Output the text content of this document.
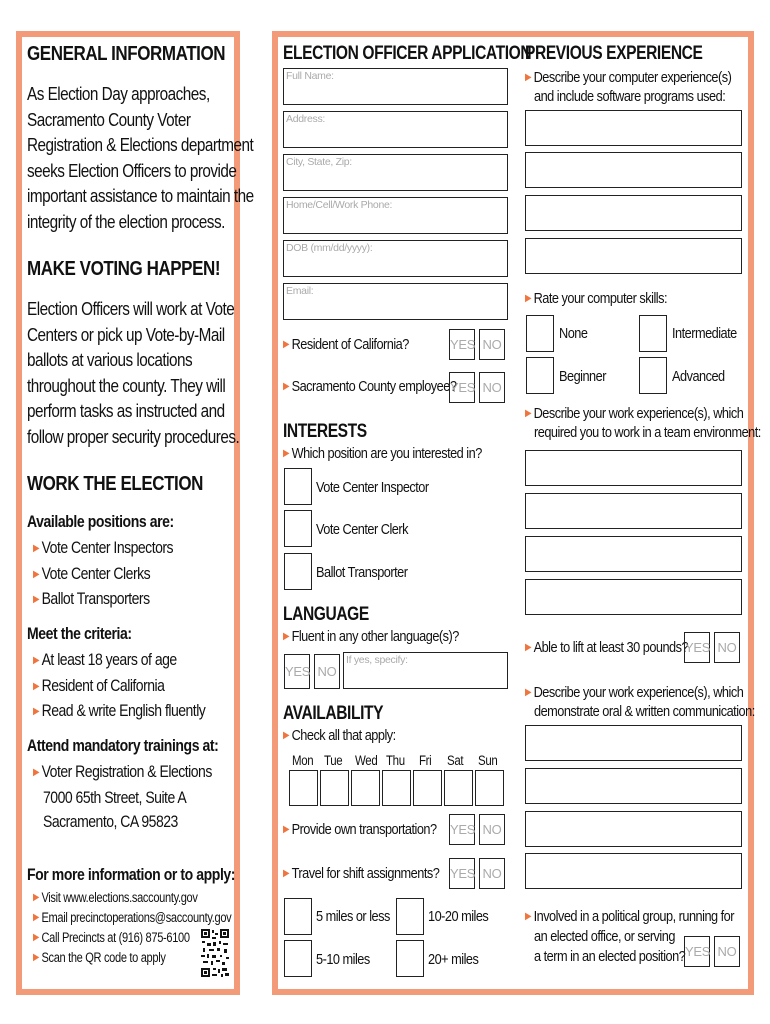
GENERAL INFORMATION
As Election Day approaches,
Sacramento County Voter
Registration & Elections department
seeks Election Officers to provide
important assistance to maintain the
integrity of the election process.
MAKE VOTING HAPPEN!
Election Officers will work at Vote
Centers or pick up Vote-by-Mail
ballots at various locations
throughout the county. They will
perform tasks as instructed and
follow proper security procedures.
WORK THE ELECTION
Available positions are:
▶ Vote Center Inspectors
▶ Vote Center Clerks
▶ Ballot Transporters
Meet the criteria:
▶ At least 18 years of age
▶ Resident of California
▶ Read & write English fluently
Attend mandatory trainings at:
▶ Voter Registration & Elections
7000 65th Street, Suite A
Sacramento, CA 95823
For more information or to apply:
▶ Visit www.elections.saccounty.gov
▶ Email precinctoperations@saccounty.gov
▶ Call Precincts at (916) 875-6100
▶ Scan the QR code to apply
ELECTION OFFICER APPLICATION
Full Name:
Address:
City, State, Zip:
Home/Cell/Work Phone:
DOB (mm/dd/yyyy):
Email:
▶ Resident of California?	YES NO
▶ Sacramento County employee?
YES NO
INTERESTS
▶ Which position are you interested in?
Vote Center Inspector
Vote Center Clerk
Ballot Transporter
LANGUAGE
▶ Fluent in any other language(s)?
YES NO
If yes, specify:
AVAILABILITY
▶ Check all that apply:
Mon Tue Wed Thu Fri Sat Sun
▶ Provide own transportation?	YES NO
▶ Travel for shift assignments? YES NO
5 miles or less	10-20 miles
5-10 miles	20+ miles
PREVIOUS EXPERIENCE
▶ Describe your computer experience(s)
and include software programs used:
▶ Rate your computer skills:
None	Intermediate
Beginner	Advanced
▶ Describe your work experience(s), which
required you to work in a team environment:
▶ Able to lift at least 30 pounds?
YES NO
▶ Describe your work experience(s), which
demonstrate oral & written communication:
▶ Involved in a political group, running for
an elected office, or serving
a term in an elected position? YES NO
